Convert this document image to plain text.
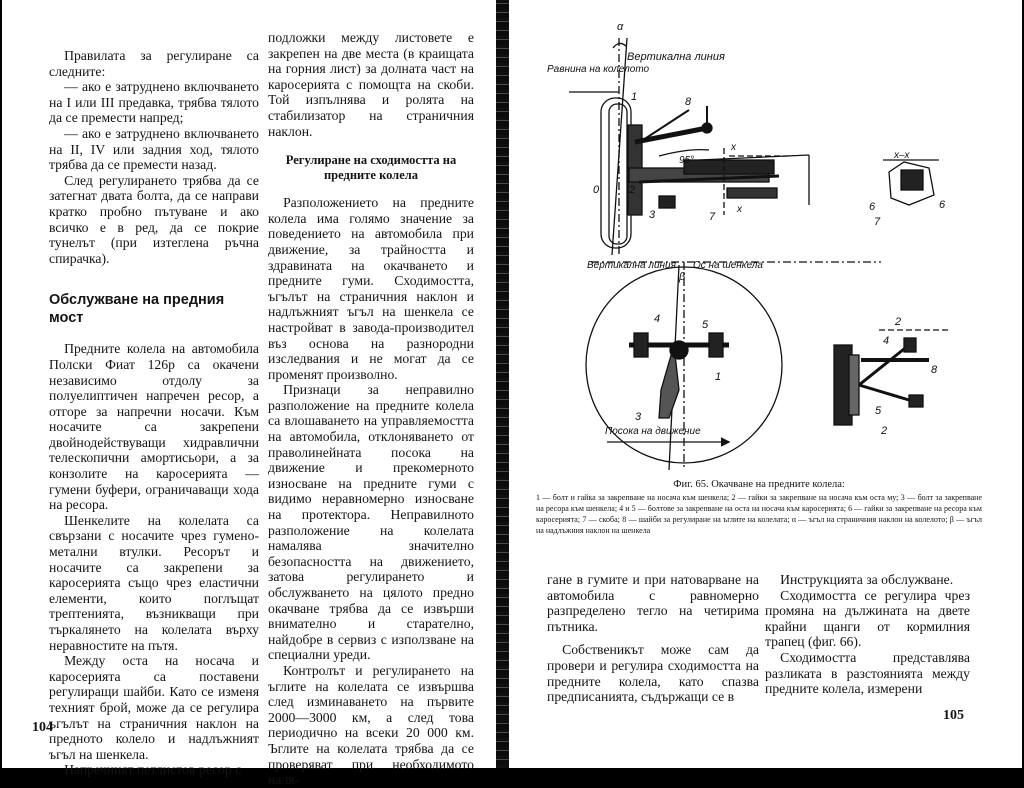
Правилата за регулиране са следните:

— ако е затруднено включването на I или III предавка, трябва тялото да се премести напред;

— ако е затруднено включването на II, IV или задния ход, тялото трябва да се премести назад.

След регулирането трябва да се затегнат двата болта, да се направи кратко пробно пътуване и ако всичко е в ред, да се покрие тунелът (при изтеглена ръчна спирачка).

Обслужване на предния мост

Предните колела на автомобила Полски Фиат 126р са окачени независимо отдолу за полуелиптичен напречен ресор, а отгоре за напречни носачи. Към носачите са закрепени двойнодействуващи хидравлични телескопични амортисьори, а за конзолите на каросерията — гумени буфери, ограничаващи хода на ресора.

Шенкелите на колелата са свързани с носачите чрез гумено-метални втулки. Ресорът и носачите са закрепени за каросерията също чрез еластични елементи, които поглъщат трептенията, възникващи при търкалянето на колелата върху неравностите на пътя.

Между оста на носача и каросерията са поставени регулиращи шайби. Като се изменя техният брой, може да се регулира ъгълът на страничния наклон на предното колело и надлъжният ъгъл на шенкела.

Напречният петлистов ресор с

подложки между листовете е закрепен на две места (в краищата на горния лист) за долната част на каросерията с помощта на скоби. Той изпълнява и ролята на стабилизатор на страничния наклон.

Регулиране на сходимостта на предните колела

Разположението на предните колела има голямо значение за поведението на автомобила при движение, за трайността и здравината на окачването и предните гуми. Сходимостта, ъгълът на страничния наклон и надлъжният ъгъл на шенкела се настройват в завода-производител въз основа на разнородни изследвания и не могат да се променят произволно.

Признаци за неправилно разположение на предните колела са влошаването на управляемостта на автомобила, отклоняването от праволинейната посока на движение и прекомерното износване на предните гуми с видимо неравномерно износване на протектора. Неправилното разположение на колелата намалява значително безопасността на движението, затова регулирането и обслужването на цялото предно окачване трябва да се извърши внимателно и старателно, найдобре в сервиз с използване на специални уреди.

Контролът и регулирането на ъглите на колелата се извършва след изминаването на първите 2000—3000 км, а след това периодично на всеки 20 000 км. Ъглите на колелата трябва да се проверяват при необходимото наля-

104
α
Вертикална линия
Равнина на колелото
95°	x–x
x
x
1	8
2
3	7
0
6	6
7
Вертикална линия Ос на шенкела
β
4	5
1
3
Посока на движение
2
4
8
5
2
Фиг. 65. Окачване на предните колела:
1 — болт и гайка за закрепване на носача към шенкела; 2 — гайки за закрепване на носача към оста му; 3 — болт за закрепване на ресора към шенкела; 4 и 5 — болтове за закрепване на оста на носача към каросерията; 6 — гайки за закрепване на ресора към каросерията; 7 — скоба; 8 — шайби за регулиране на ъглите на колелата; α — ъгъл на страничния наклон на колелото; β — ъгъл на надлъжния наклон на шенкела

гане в гумите и при натоварване на автомобила с равномерно разпределено тегло на четирима пътника.

Собственикът може сам да провери и регулира сходимостта на предните колела, като спазва предписанията, съдържащи се в

Инструкцията за обслужване.

Сходимостта се регулира чрез промяна на дължината на двете крайни щанги от кормилния трапец (фиг. 66).

Сходимостта представлява разликата в разстоянията между предните колела, измерени

105
